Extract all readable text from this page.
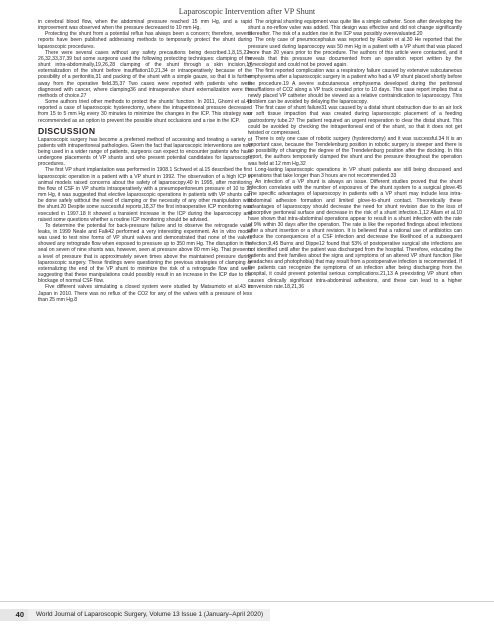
Laparoscopic Intervention after VP Shunt

in cerebral blood flow, when the abdominal pressure reached 15 mm Hg, and a rapid improvement was observed when the pressure decreased to 10 mm Hg.

Protecting the shunt from a potential reflux has always been a concern; therefore, several reports have been published addressing methods to temporarily protect the shunt during laparoscopic procedures.

There were several cases without any safety precautions being described.1,8,15,22–26,32,33,37,39 but some surgeons used the following protecting techniques: clamping of the shunt intra-abdominally,19,26,28 clamping of the shunt through a skin incision,17 externalization of the shunt before insufflation10,21,34 or intraoperatively because of the possibility of a peritonitis,31 and packing of the shunt with a simple gauze, so that it is further away from the operative field.35,37 Two cases were reported with patients who were diagnosed with cancer, where clamping36 and intraoperative shunt externalization were the methods of choice.27

Some authors tried other methods to protect the shunts' function. In 2011, Ghomi et al.41 reported a case of laparoscopic hysterectomy, where the intraperitoneal pressure decreased from 15 to 5 mm Hg every 30 minutes to minimize the changes in the ICP. This strategy was recommended as an option to prevent the possible shunt occlusions and a rise in the ICP.

DISCUSSION

Laparoscopic surgery has become a preferred method of accessing and treating a variety of patients with intraperitoneal pathologies. Given the fact that laparoscopic interventions are now being used in a wider range of patients, surgeons can expect to encounter patients who have undergone placements of VP shunts and who present potential candidates for laparoscopic procedures.

The first VP shunt implantation was performed in 1908.1 Schwed et al.15 described the first laparoscopic operation in a patient with a VP shunt in 1992. The observation of a high ICP in animal models raised concerns about the safety of laparoscopy.40 In 1995, after monitoring the flow of CSF in VP shunts intraoperatively with a pneumoperitoneum pressure of 10 to 15 mm Hg, it was suggested that elective laparoscopic operations in patients with VP shunts can be done safely without the need of clamping or the necessity of any other manipulation with the shunt.20 Despite some successful reports,18,37 the first intraoperative ICP monitoring was executed in 1997.18 It showed a transient increase in the ICP during the laparoscopy and raised some questions whether a routine ICP monitoring should be advised.

To determine the potential for back-pressure failure and to observe the retrograde valve leaks, in 1999 Neale and Falk42 performed a very interesting experiment. An in vitro model was used to test nine forms of VP shunt valves and demonstrated that none of the valves showed any retrograde flow when exposed to pressure up to 350 mm Hg. The disruption in the seal on seven of nine shunts was, however, seen at pressure above 80 mm Hg. That presents a level of pressure that is approximately seven times above the maintained pressure during laparoscopic surgery. These findings were questioning the previous strategies of clamping or externalizing the end of the VP shunt to minimize the risk of a retrograde flow and were suggesting that these manipulations could possibly result in an increase in the ICP due to the blockage of normal CSF flow.

Five different valves simulating a closed system were studied by Matsumoto et al.43 in Japan in 2010. There was no reflux of the CO2 for any of the valves with a pressure of less than 25 mm Hg.8

The original shunting equipment was quite like a simple catheter. Soon after developing the shunt a no-reflow valve was added. This design was effective and did not change significantly thereafter. The risk of a sudden rise in the ICP was possibly overevaluated.20

The only case of pneumocephalus was reported by Raskin et al.30 He reported that the pressure used during laparoscopy was 50 mm Hg in a patient with a VP shunt that was placed more than 20 years prior to the procedure. The authors of this article were contacted, and it reveals that this pressure was documented from an operation report written by the gynecologist and could not be proved again.

The first reported complication was a respiratory failure caused by extensive subcutaneous emphysema after a laparoscopic surgery in a patient who had a VP shunt placed shortly before the procedure.19 A severe subcutaneous emphysema developed during the peritoneal insufflations of CO2 along a VP track created prior to 10 days. This case report implies that a newly placed VP catheter should be viewed as a relative contraindication to laparoscopy. This problem can be avoided by delaying the laparoscopy.

The first case of shunt failure31 was caused by a distal shunt obstruction due to an air lock or soft tissue impaction that was created during laparoscopic placement of a feeding gastrostomy tube.27 The patient required an urgent reoperation to clear the distal shunt. This could be avoided by checking the intraperitoneal end of the shunt, so that it does not get twisted or compressed.

There is only one case of robotic surgery (hysterectomy) and it was successful.34 It is an important case, because the Trendelenburg position in robotic surgery is steeper and there is no possibility of changing the degree of the Trendelenburg position after the docking. In this report, the authors temporarily clamped the shunt and the pressure throughout the operation was held at 12 mm Hg.32

Long-lasting laparoscopic operations in VP shunt patients are still being discussed and operations that take longer than 3 hours are not recommended.33

An infection of a VP shunt is always an issue. Different studies proved that the shunt infection correlates with the number of exposures of the shunt system to a surgical glove.45 The specific advantages of laparoscopy in patients with a VP shunt may include less intra-abdominal adhesion formation and limited glove-to-shunt contact. Theoretically these advantages of laparoscopy should decrease the need for shunt revision due to the loss of absorptive peritoneal surface and decrease in the risk of a shunt infection.1,12 Allam et al.10 have shown that intra-abdominal operations appear to result in a shunt infection with the rate of 9% within 30 days after the operation. The rate is like the reported findings about infections after a shunt insertion or a shunt revision. It is believed that a rational use of antibiotics can reduce the consequences of a CSF infection and decrease the likelihood of a subsequent infection.9,45 Burns and Dippe12 found that 53% of postoperative surgical site infections are not identified until after the patient was discharged from the hospital. Therefore, educating the patients and their families about the signs and symptoms of an altered VP shunt function (like headaches and photophobia) that may result from a postoperative infection is recommended. If the patients can recognize the symptoms of an infection after being discharging from the hospital, it could prevent potential serious complications.21,13 A preexisting VP shunt often causes clinically significant intra-abdominal adhesions, and these can lead to a higher conversion rate.18,21,36

40	World Journal of Laparoscopic Surgery, Volume 13 Issue 1 (January–April 2020)
